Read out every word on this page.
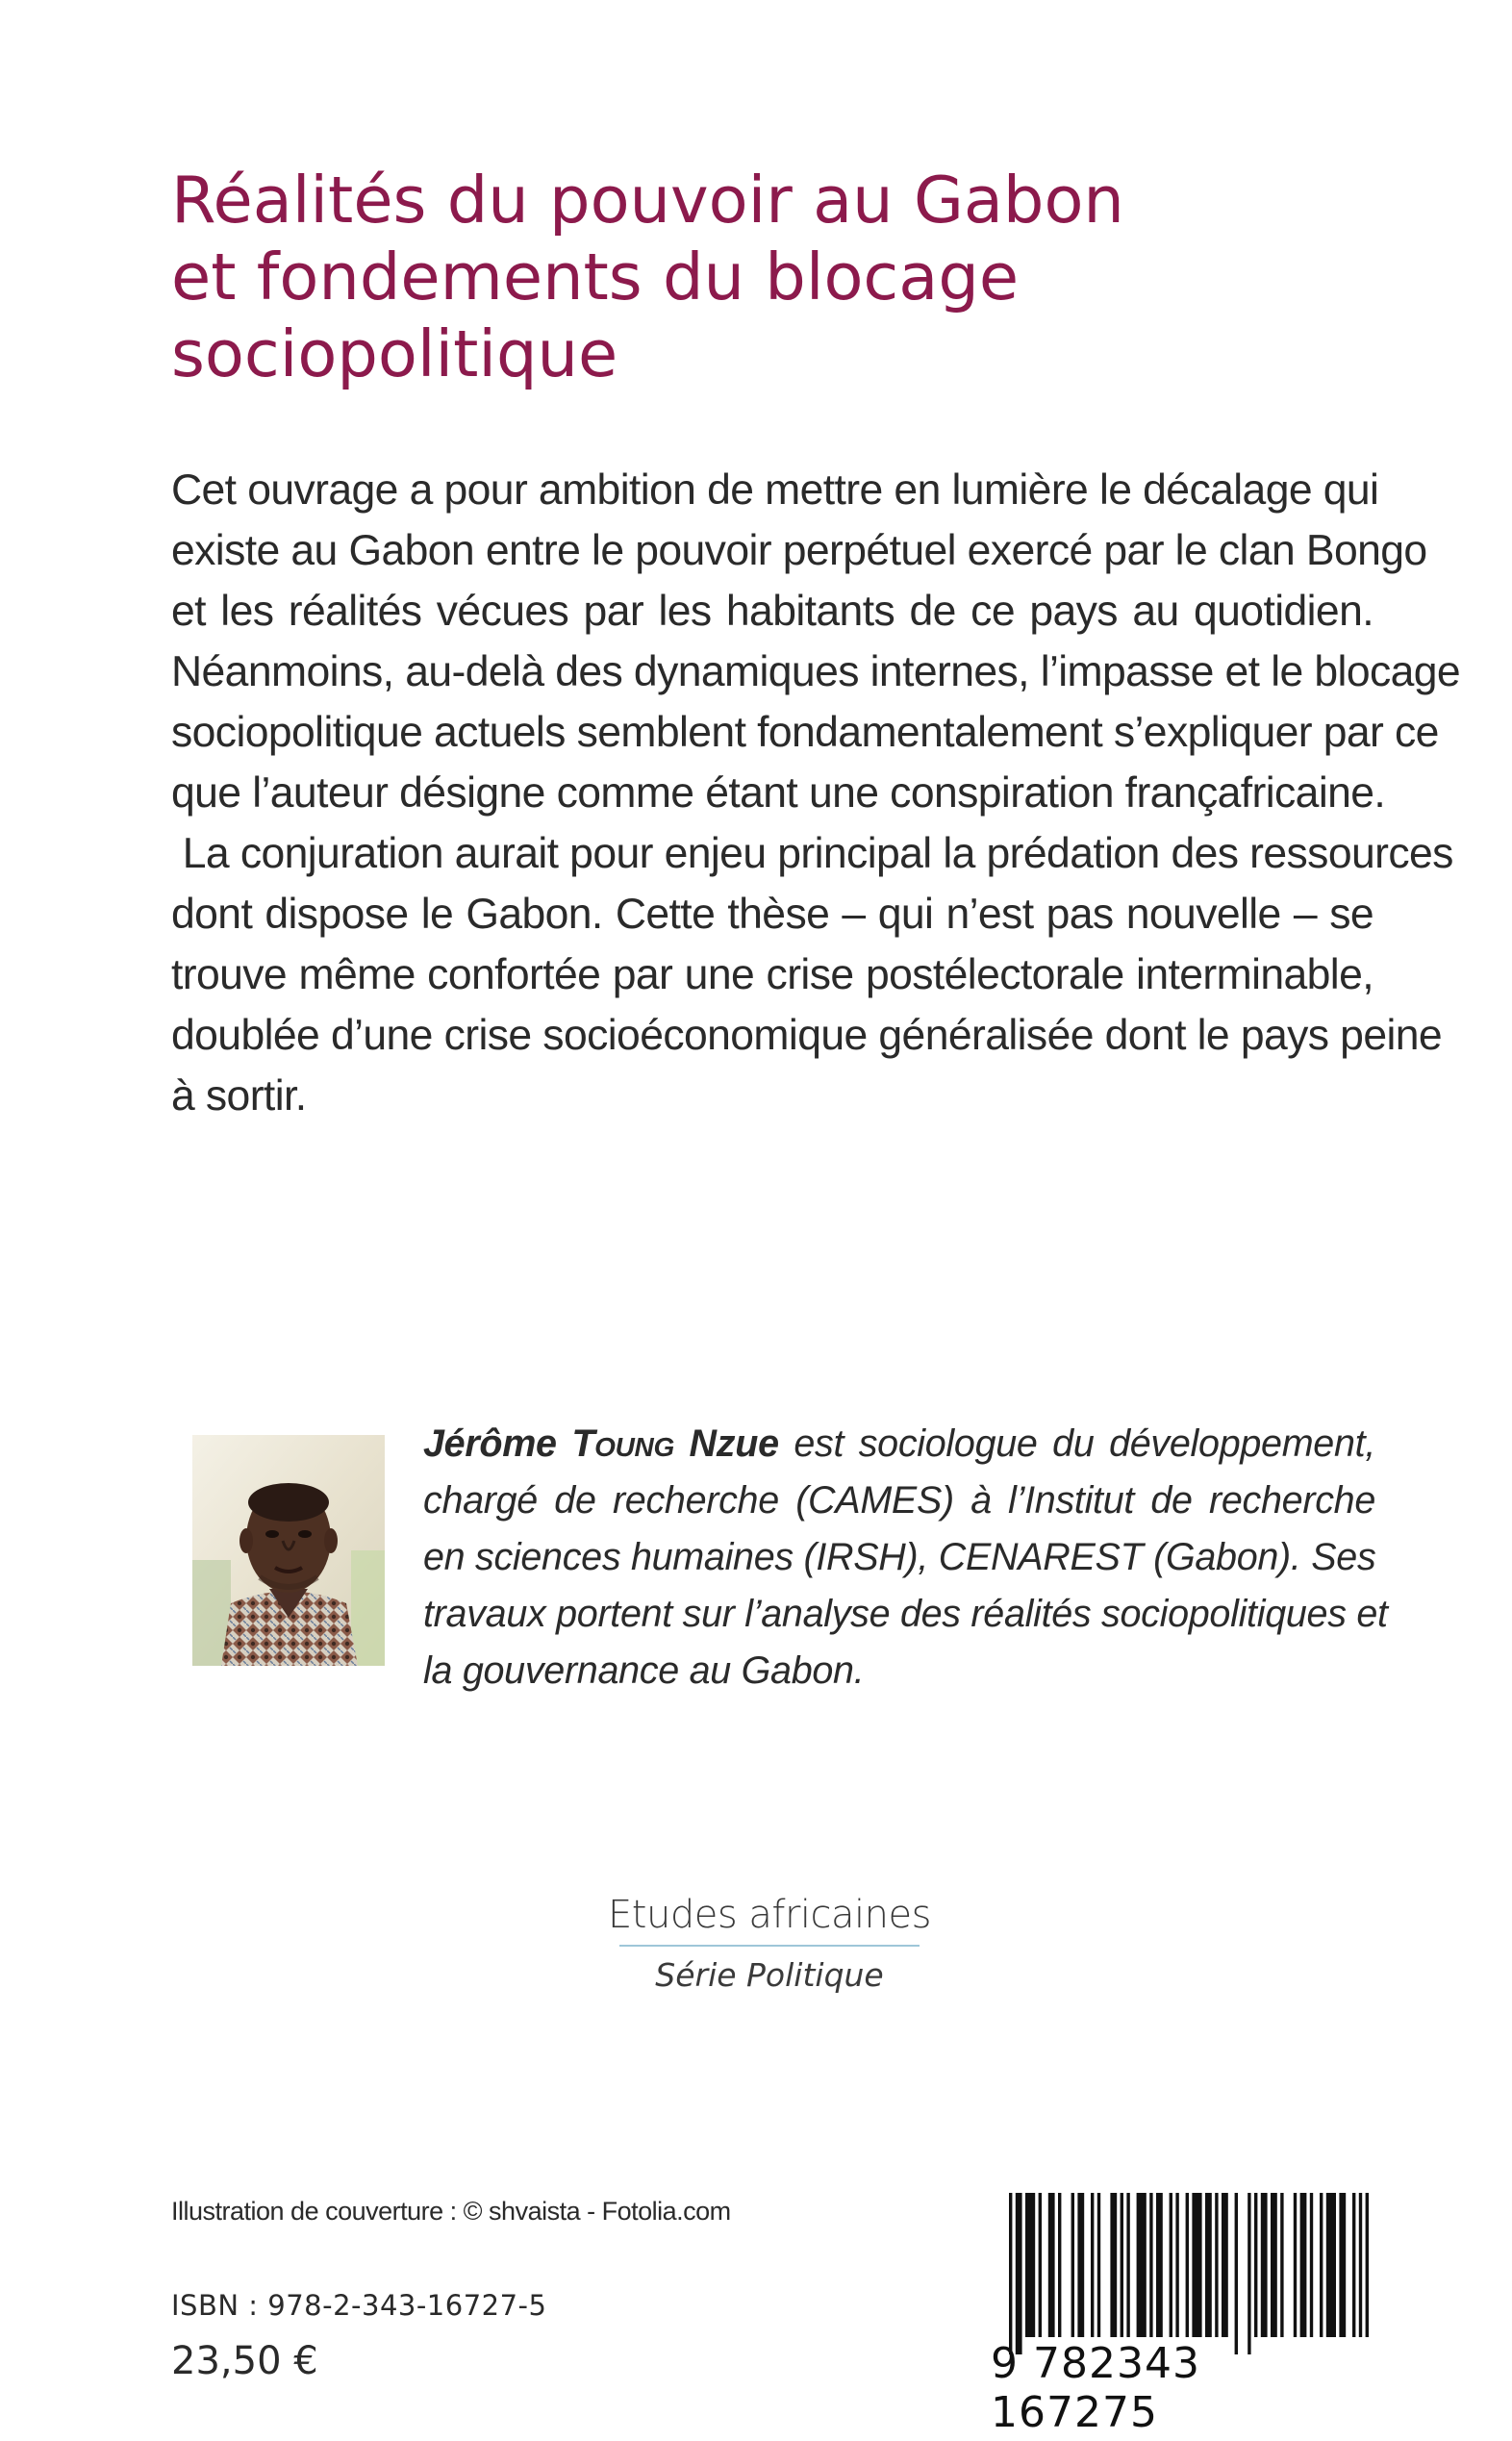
Réalités du pouvoir au Gabon
et fondements du blocage
sociopolitique
Cet ouvrage a pour ambition de mettre en lumière le décalage qui
existe au Gabon entre le pouvoir perpétuel exercé par le clan Bongo
et les réalités vécues par les habitants de ce pays au quotidien.
Néanmoins, au-delà des dynamiques internes, l’impasse et le blocage
sociopolitique actuels semblent fondamentalement s’expliquer par ce
que l’auteur désigne comme étant une conspiration françafricaine.
La conjuration aurait pour enjeu principal la prédation des ressources
dont dispose le Gabon. Cette thèse – qui n’est pas nouvelle – se
trouve même confortée par une crise postélectorale interminable,
doublée d’une crise socioéconomique généralisée dont le pays peine
à sortir.
Jérôme Toung Nzue est sociologue du développement,
chargé de recherche (CAMES) à l’Institut de recherche
en sciences humaines (IRSH), CENAREST (Gabon). Ses
travaux portent sur l’analyse des réalités sociopolitiques et
la gouvernance au Gabon.
Etudes africaines
Série Politique
Illustration de couverture : © shvaista - Fotolia.com
ISBN : 978-2-343-16727-5
23,50 €	9 782343 167275
